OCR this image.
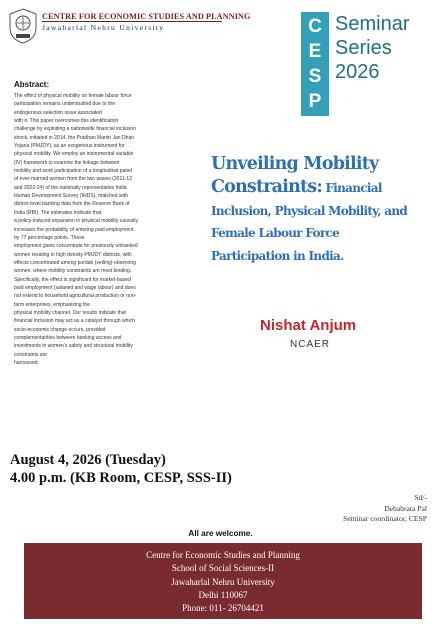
CENTRE FOR ECONOMIC STUDIES AND PLANNING
Jawaharlal Nehru University	C
E
S
P
Seminar
Series
2026
Abstract:
The effect of physical mobility on female labour force
participation remains understudied due to the
endogenous selection issue associated
with it. This paper overcomes this identification
challenge by exploiting a nationwide financial inclusion
shock, initiated in 2014, the Pradhan Mantri Jan Dhan
Yojana (PMJDY), as an exogenous instrument for
physical mobility. We employ an instrumental variable
(IV) framework to examine the linkage between
mobility and work participation of a longitudinal panel
of ever-married women from the two waves (2011-12
and 2022-24) of the nationally representative India
Human Development Survey (IHDS), matched with
district-level banking data from the Reserve Bank of
India (RBI). The estimates indicate that
a policy-induced expansion in physical mobility causally
increases the probability of entering paid employment
by 77 percentage points. These
employment gains concentrate for previously unbanked
women residing in high density PMJDY districts, with
effects concentrated among purdah (veiling)-observing
women, where mobility constraints are most binding.
Specifically, the effect is significant for market-based
paid employment (salaried and wage labour) and does
not extend to household agricultural production or non-
farm enterprises, emphasizing the
physical mobility channel. Our results indicate that
financial inclusion may act as a catalyst through which
socio-economic change occurs, provided
complementarities between banking access and
investments in women's safety and structural mobility
constraints are
harnessed.
Unveiling Mobility
Constraints: Financial
Inclusion, Physical Mobility, and
Female Labour Force
Participation in India.
Nishat Anjum
NCAER
August 4, 2026 (Tuesday)
4.00 p.m. (KB Room, CESP, SSS-II)
Sd/-
Debabrata Pal
Seminar coordinator, CESP
All are welcome.
Centre for Economic Studies and Planning
School of Social Sciences-II
Jawaharlal Nehru University
Delhi 110067
Phone: 011- 26704421
